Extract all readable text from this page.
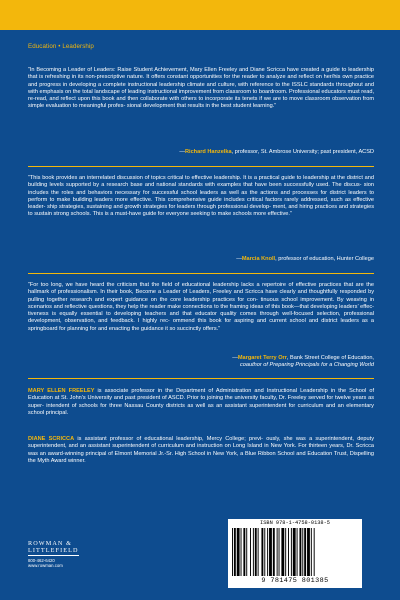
Education • Leadership

“In Becoming a Leader of Leaders: Raise Student Achievement, Mary Ellen Freeley and Diane Scricca have created a guide to leadership that is refreshing in its non-prescriptive nature. It offers constant opportunities for the reader to analyze and reflect on her/his own practice and progress in developing a complete instructional leadership climate and culture, with reference to the ISSLC standards throughout and with emphasis on the total landscape of leading instructional improvement from classroom to boardroom. Professional educators must read, re-read, and reflect upon this book and then collaborate with others to incorporate its tenets if we are to move classroom observation from simple evaluation to meaningful profes- sional development that results in the best student learning.”

—Richard Hanzelka, professor, St. Ambrose University; past president, ACSD

“This book provides an interrelated discussion of topics critical to effective leadership. It is a practical guide to leadership at the district and building levels supported by a research base and national standards with examples that have been successfully used. The discus- sion includes the roles and behaviors necessary for successful school leaders as well as the actions and processes for district leaders to perform to make building leaders more effective. This comprehensive guide includes critical factors rarely addressed, such as effective leader- ship strategies, sustaining and growth strategies for leaders through professional develop- ment, and hiring practices and strategies to sustain strong schools. This is a must-have guide for everyone seeking to make schools more effective.”

—Marcia Knoll, professor of education, Hunter College

“For too long, we have heard the criticism that the field of educational leadership lacks a repertoire of effective practices that are the hallmark of professionalism. In their book, Become a Leader of Leaders, Freeley and Scricca have clearly and thoughtfully responded by pulling together research and expert guidance on the core leadership practices for con- tinuous school improvement. By weaving in scenarios and reflective questions, they help the reader make connections to the framing ideas of this book—that developing leaders’ effec- tiveness is equally essential to developing teachers and that educator quality comes through well-focused selection, professional development, observation, and feedback. I highly rec- ommend this book for aspiring and current school and district leaders as a springboard for planning for and enacting the guidance it so succinctly offers.”

—Margaret Terry Orr, Bank Street College of Education,
coauthor of Preparing Principals for a Changing World

MARY ELLEN FREELEY is associate professor in the Department of Administration and Instructional Leadership in the School of Education at St. John’s University and past president of ASCD. Prior to joining the university faculty, Dr. Freeley served for twelve years as super- intendent of schools for three Nassau County districts as well as an assistant superintendent for curriculum and an elementary school principal.

DIANE SCRICCA is assistant professor of educational leadership, Mercy College; previ- ously, she was a superintendent, deputy superintendent, and an assistant superintendent of curriculum and instruction on Long Island in New York. For thirteen years, Dr. Scricca was an award-winning principal of Elmont Memorial Jr.-Sr. High School in New York, a Blue Ribbon School and Education Trust, Dispelling the Myth Award winner.

ROWMAN &
LITTLEFIELD
800-462-6420
www.rowman.com
ISBN 978-1-4758-0138-5
9 781475 801385
